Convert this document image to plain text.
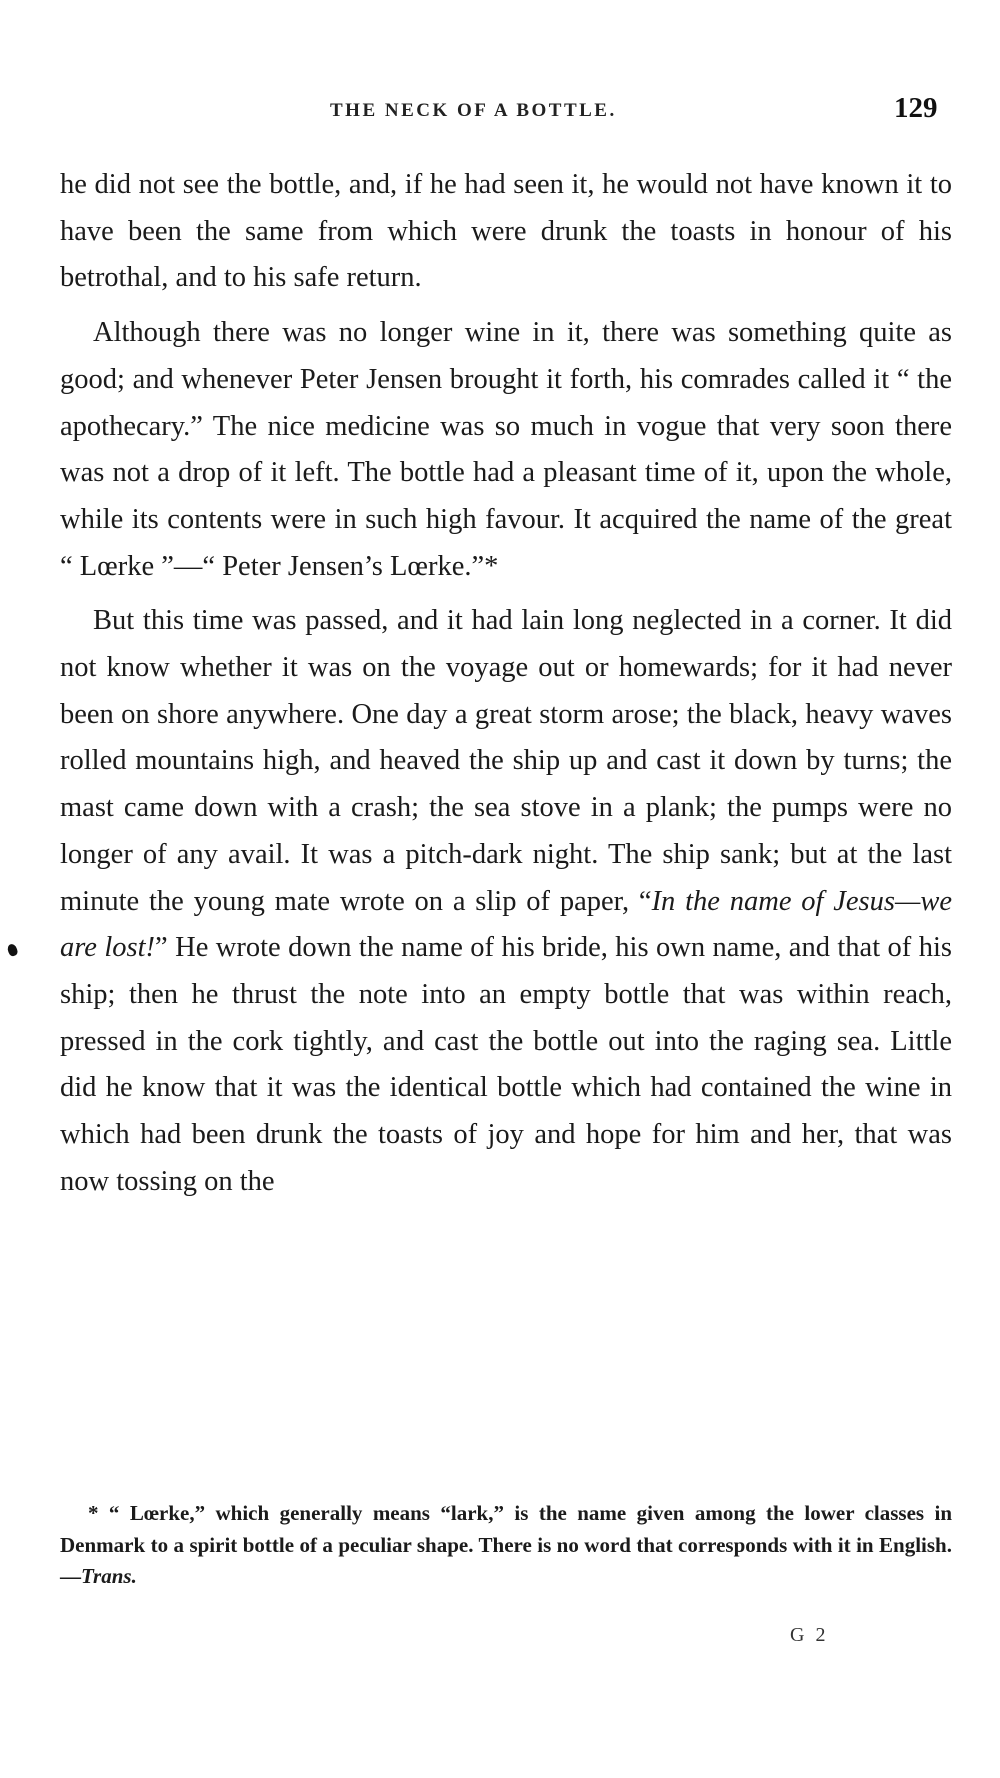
THE NECK OF A BOTTLE.	129

he did not see the bottle, and, if he had seen it, he would not have known it to have been the same from which were drunk the toasts in honour of his betrothal, and to his safe return.

Although there was no longer wine in it, there was something quite as good; and whenever Peter Jensen brought it forth, his comrades called it “ the apothecary.” The nice medicine was so much in vogue that very soon there was not a drop of it left. The bottle had a pleasant time of it, upon the whole, while its contents were in such high favour. It acquired the name of the great “ Lœrke ”—“ Peter Jensen’s Lœrke.”*

But this time was passed, and it had lain long neglected in a corner. It did not know whether it was on the voyage out or homewards; for it had never been on shore anywhere. One day a great storm arose; the black, heavy waves rolled mountains high, and heaved the ship up and cast it down by turns; the mast came down with a crash; the sea stove in a plank; the pumps were no longer of any avail. It was a pitch-dark night. The ship sank; but at the last minute the young mate wrote on a slip of paper, “In the name of Jesus—we are lost!” He wrote down the name of his bride, his own name, and that of his ship; then he thrust the note into an empty bottle that was within reach, pressed in the cork tightly, and cast the bottle out into the raging sea. Little did he know that it was the identical bottle which had contained the wine in which had been drunk the toasts of joy and hope for him and her, that was now tossing on the

* “ Lœrke,” which generally means “lark,” is the name given among the lower classes in Denmark to a spirit bottle of a peculiar shape. There is no word that corresponds with it in English.—Trans.

G 2
